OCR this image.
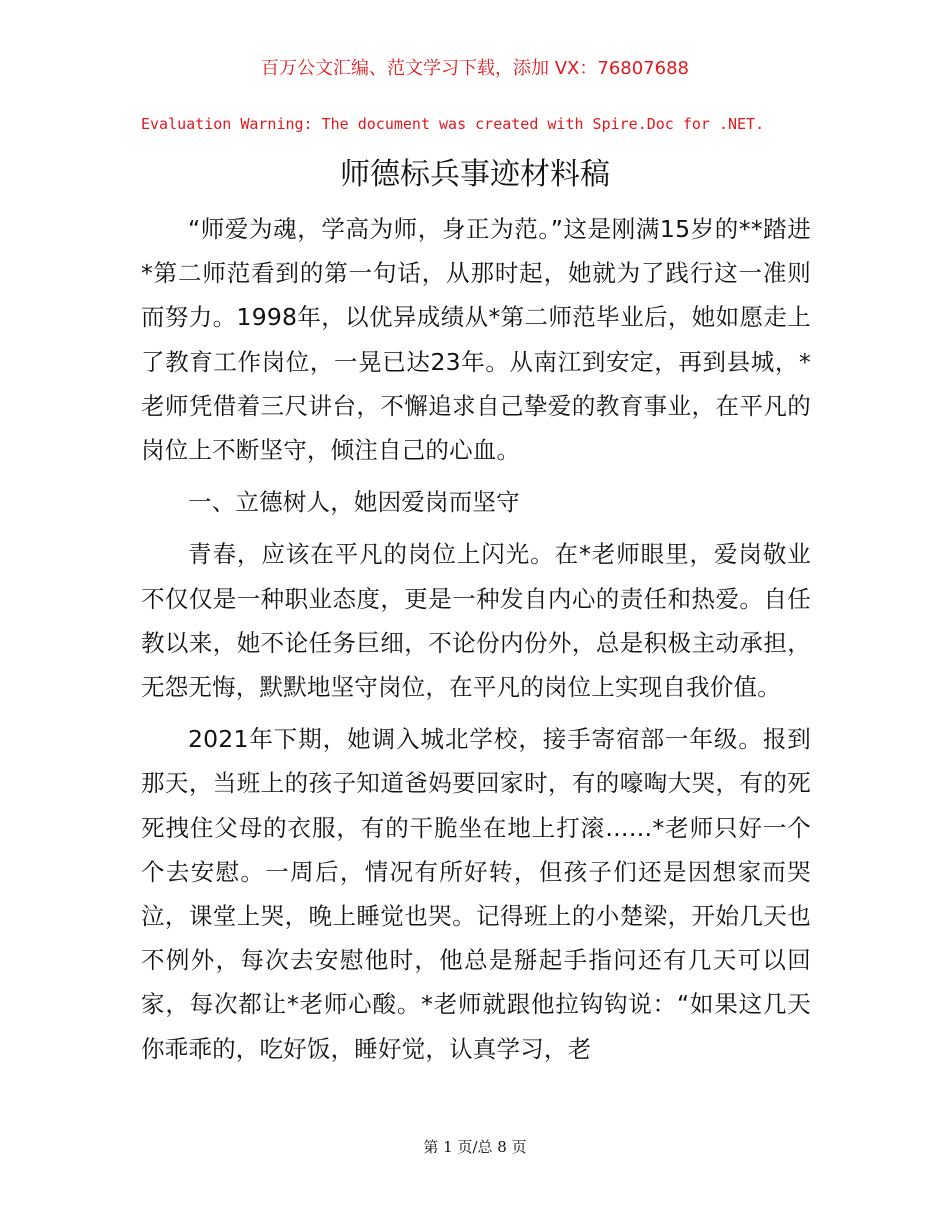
百万公文汇编、范文学习下载，添加 VX：76807688
Evaluation Warning: The document was created with Spire.Doc for .NET.
师德标兵事迹材料稿

“师爱为魂，学高为师，身正为范。”这是刚满15岁的**踏进*第二师范看到的第一句话，从那时起，她就为了践行这一准则而努力。1998年，以优异成绩从*第二师范毕业后，她如愿走上了教育工作岗位，一晃已达23年。从南江到安定，再到县城，*老师凭借着三尺讲台，不懈追求自己挚爱的教育事业，在平凡的岗位上不断坚守，倾注自己的心血。

一、立德树人，她因爱岗而坚守

青春，应该在平凡的岗位上闪光。在*老师眼里，爱岗敬业不仅仅是一种职业态度，更是一种发自内心的责任和热爱。自任教以来，她不论任务巨细，不论份内份外，总是积极主动承担，无怨无悔，默默地坚守岗位，在平凡的岗位上实现自我价值。

2021年下期，她调入城北学校，接手寄宿部一年级。报到那天，当班上的孩子知道爸妈要回家时，有的嚎啕大哭，有的死死拽住父母的衣服，有的干脆坐在地上打滚……*老师只好一个个去安慰。一周后，情况有所好转，但孩子们还是因想家而哭泣，课堂上哭，晚上睡觉也哭。记得班上的小楚梁，开始几天也不例外，每次去安慰他时，他总是掰起手指问还有几天可以回家，每次都让*老师心酸。*老师就跟他拉钩钩说：“如果这几天你乖乖的，吃好饭，睡好觉，认真学习，老

第 1 页/总 8 页
